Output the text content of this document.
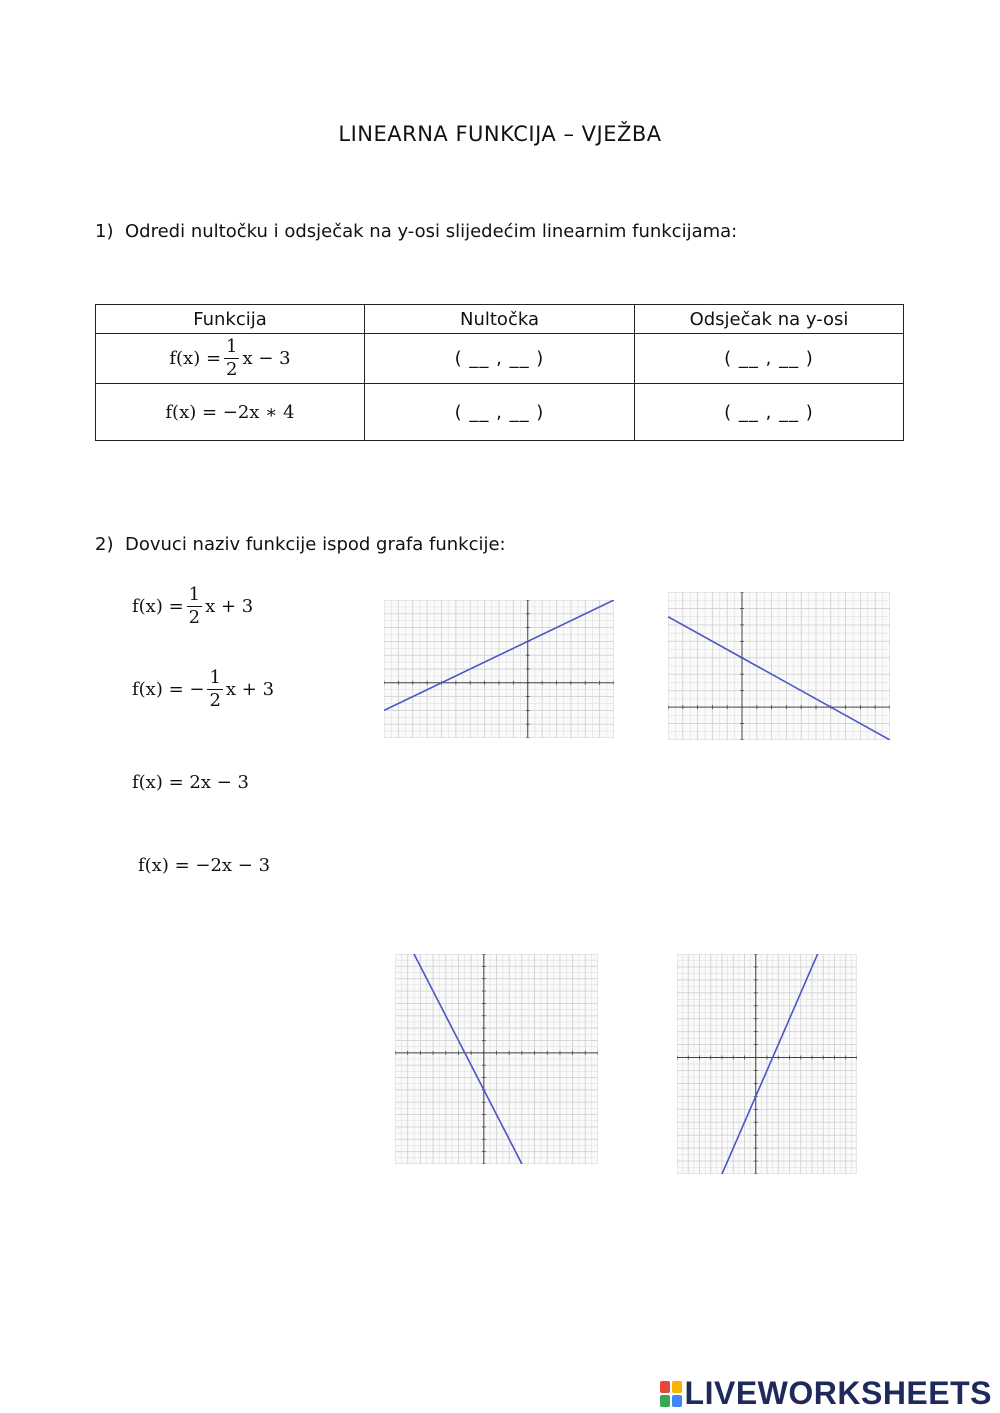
LINEARNA FUNKCIJA – VJEŽBA
1) Odredi nultočku i odsječak na y-osi slijedećim linearnim funkcijama:
Funkcija	Nultočka	Odsječak na y-osi

$f(x) = \frac{1}{2}$ x − 3	( __ , __ )	( __ , __ )

f(x) = −2x ∗ 4	( __ , __ )	( __ , __ )
2) Dovuci naziv funkcije ispod grafa funkcije:
$f(x) = \frac{1}{2}$ x + 3
f(x) = − $\frac{1}{2}$ x + 3
f(x) = 2x − 3
f(x) = −2x − 3
LIVEWORKSHEETS
